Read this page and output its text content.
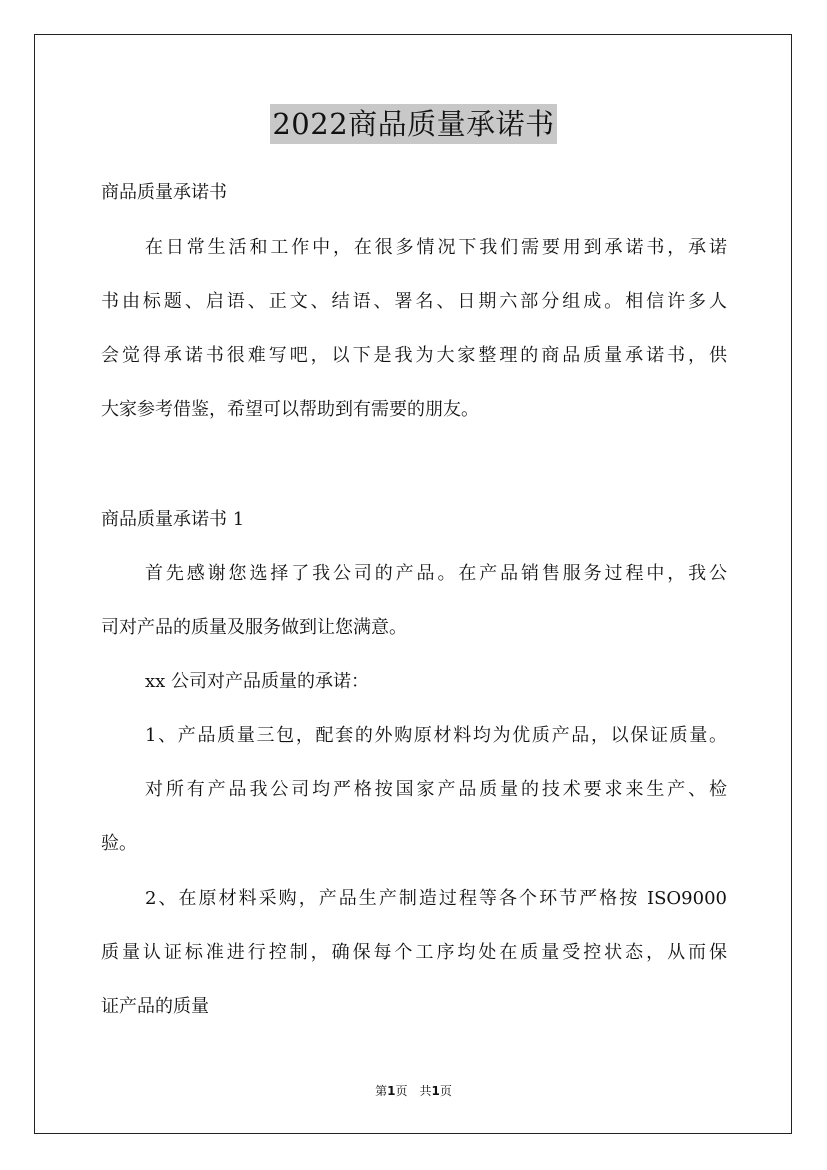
2022商品质量承诺书
商品质量承诺书
在日常生活和工作中，在很多情况下我们需要用到承诺书，承诺
书由标题、启语、正文、结语、署名、日期六部分组成。相信许多人
会觉得承诺书很难写吧，以下是我为大家整理的商品质量承诺书，供
大家参考借鉴，希望可以帮助到有需要的朋友。
商品质量承诺书 1
首先感谢您选择了我公司的产品。在产品销售服务过程中，我公
司对产品的质量及服务做到让您满意。
xx 公司对产品质量的承诺：
1、产品质量三包，配套的外购原材料均为优质产品，以保证质量。
对所有产品我公司均严格按国家产品质量的技术要求来生产、检
验。
2、在原材料采购，产品生产制造过程等各个环节严格按 ISO9000
质量认证标准进行控制，确保每个工序均处在质量受控状态，从而保
证产品的质量
第1页　共1页
